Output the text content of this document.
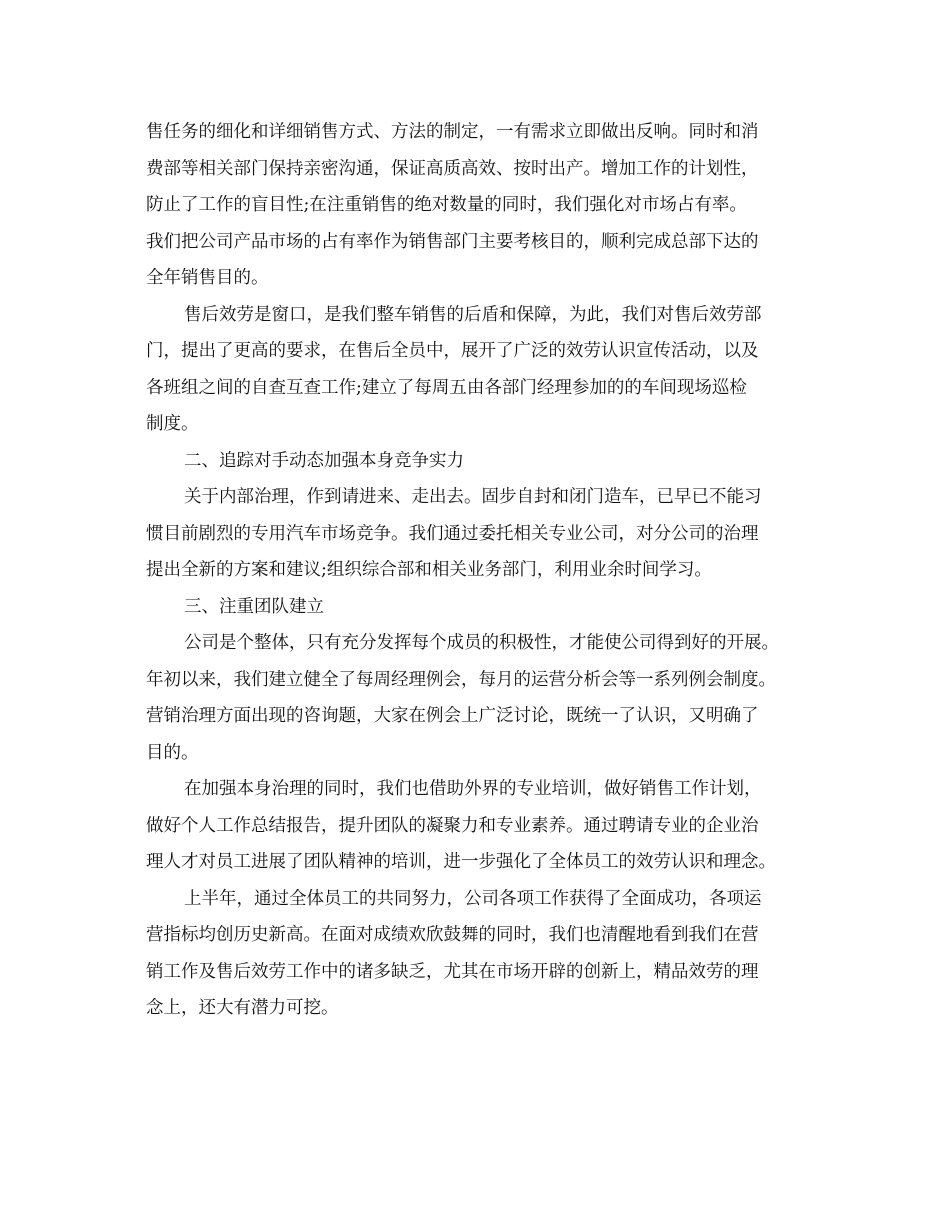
售任务的细化和详细销售方式、方法的制定，一有需求立即做出反响。同时和消
费部等相关部门保持亲密沟通，保证高质高效、按时出产。增加工作的计划性，
防止了工作的盲目性;在注重销售的绝对数量的同时，我们强化对市场占有率。
我们把公司产品市场的占有率作为销售部门主要考核目的，顺利完成总部下达的
全年销售目的。
售后效劳是窗口，是我们整车销售的后盾和保障，为此，我们对售后效劳部
门，提出了更高的要求，在售后全员中，展开了广泛的效劳认识宣传活动，以及
各班组之间的自查互查工作;建立了每周五由各部门经理参加的的车间现场巡检
制度。
二、追踪对手动态加强本身竞争实力
关于内部治理，作到请进来、走出去。固步自封和闭门造车，已早已不能习
惯目前剧烈的专用汽车市场竞争。我们通过委托相关专业公司，对分公司的治理
提出全新的方案和建议;组织综合部和相关业务部门，利用业余时间学习。
三、注重团队建立
公司是个整体，只有充分发挥每个成员的积极性，才能使公司得到好的开展。
年初以来，我们建立健全了每周经理例会，每月的运营分析会等一系列例会制度。
营销治理方面出现的咨询题，大家在例会上广泛讨论，既统一了认识，又明确了
目的。
在加强本身治理的同时，我们也借助外界的专业培训，做好销售工作计划，
做好个人工作总结报告，提升团队的凝聚力和专业素养。通过聘请专业的企业治
理人才对员工进展了团队精神的培训，进一步强化了全体员工的效劳认识和理念。
上半年，通过全体员工的共同努力，公司各项工作获得了全面成功，各项运
营指标均创历史新高。在面对成绩欢欣鼓舞的同时，我们也清醒地看到我们在营
销工作及售后效劳工作中的诸多缺乏，尤其在市场开辟的创新上，精品效劳的理
念上，还大有潜力可挖。
